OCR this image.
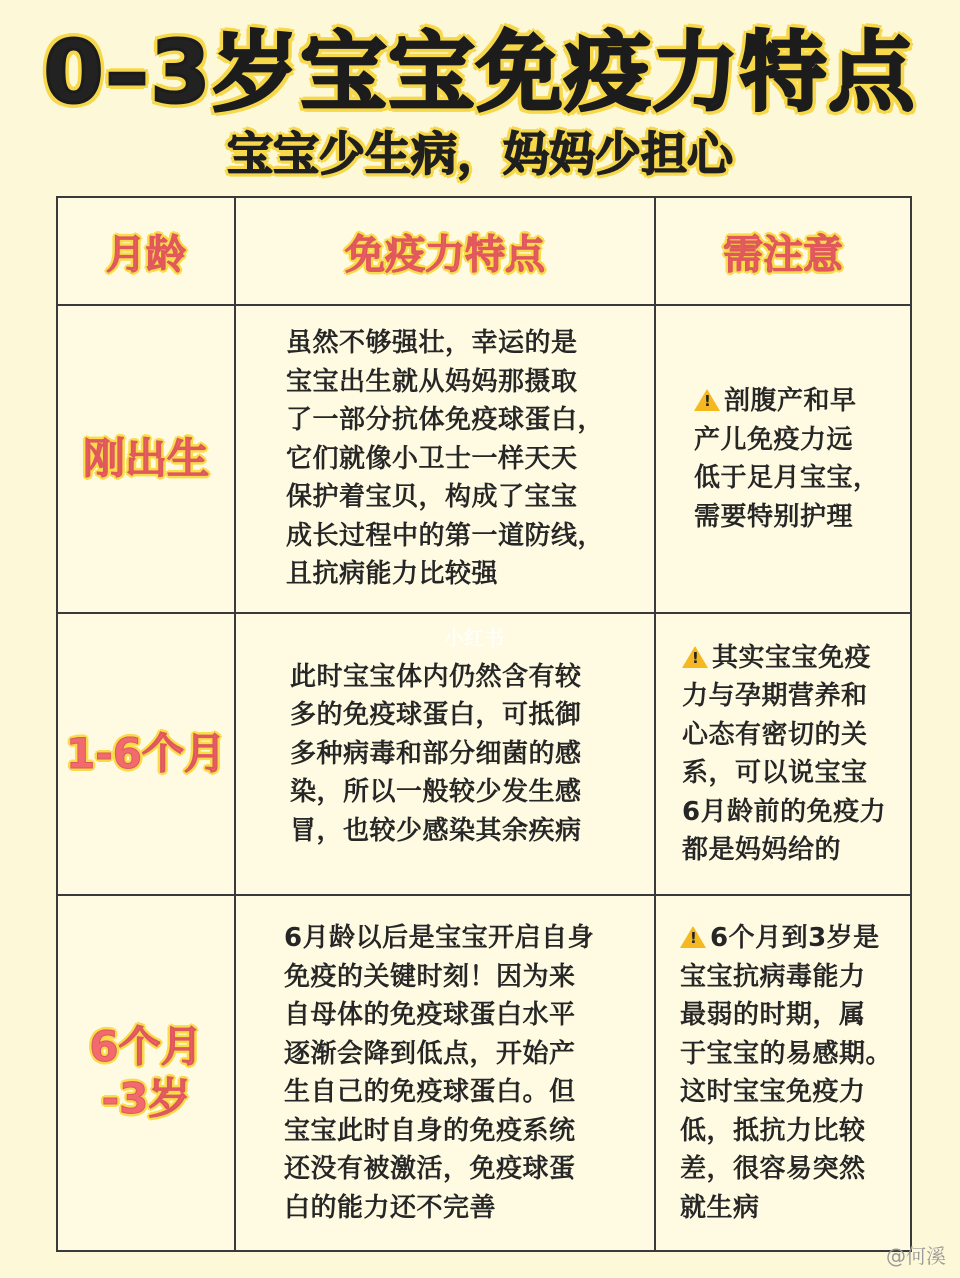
0–3岁宝宝免疫力特点
宝宝少生病，妈妈少担心
月龄	免疫力特点	需注意
刚出生
虽然不够强壮，幸运的是
宝宝出生就从妈妈那摄取
了一部分抗体免疫球蛋白，
它们就像小卫士一样天天
保护着宝贝，构成了宝宝
成长过程中的第一道防线，
且抗病能力比较强
!
剖腹产和早
产儿免疫力远
低于足月宝宝，
需要特别护理
1-6个月
此时宝宝体内仍然含有较
多的免疫球蛋白，可抵御
多种病毒和部分细菌的感
染，所以一般较少发生感
冒，也较少感染其余疾病
!
其实宝宝免疫
力与孕期营养和
心态有密切的关
系，可以说宝宝
6月龄前的免疫力
都是妈妈给的
6个月
-3岁
6月龄以后是宝宝开启自身
免疫的关键时刻！因为来
自母体的免疫球蛋白水平
逐渐会降到低点，开始产
生自己的免疫球蛋白。但
宝宝此时自身的免疫系统
还没有被激活，免疫球蛋
白的能力还不完善
!
6个月到3岁是
宝宝抗病毒能力
最弱的时期，属
于宝宝的易感期。
这时宝宝免疫力
低，抵抗力比较
差，很容易突然
就生病
小红书
@何溪
